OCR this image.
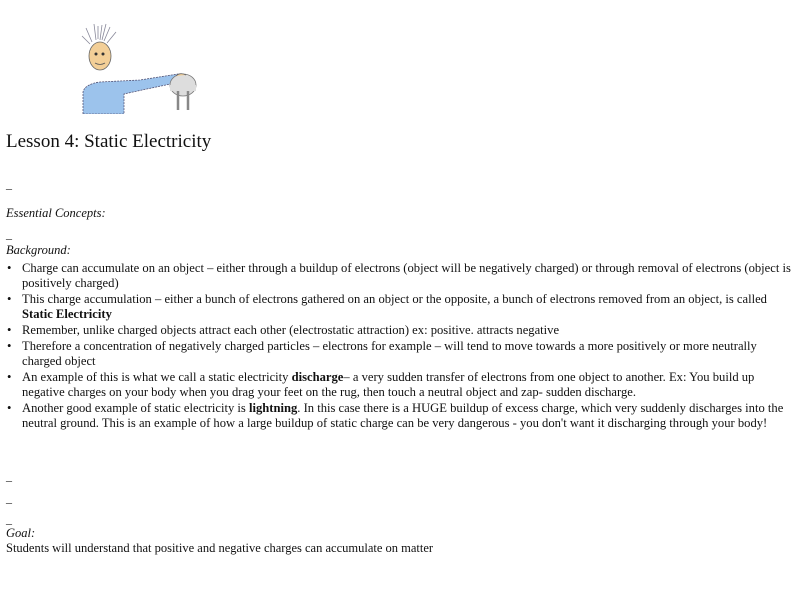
Lesson 4: Static Electricity
_
Essential Concepts:
_
Background:
• Charge can accumulate on an object – either through a buildup of electrons (object will be negatively charged) or through removal of electrons (object is positively charged)
• This charge accumulation – either a bunch of electrons gathered on an object or the opposite, a bunch of electrons removed from an object, is called
Static Electricity
• Remember, unlike charged objects attract each other (electrostatic attraction) ex: positive. attracts negative
• Therefore a concentration of negatively charged particles – electrons for example – will tend to move towards a more positively or more neutrally charged object
• An example of this is what we call a static electricity discharge– a very sudden transfer of electrons from one object to another. Ex: You build up negative charges on your body when you drag your feet on the rug, then touch a neutral object and zap- sudden discharge.
• Another good example of static electricity is lightning. In this case there is a HUGE buildup of excess charge, which very suddenly discharges into the neutral ground. This is an example of how a large buildup of static charge can be very dangerous - you don't want it discharging through your body!
_
_
_
Goal:
Students will understand that positive and negative charges can accumulate on matter
